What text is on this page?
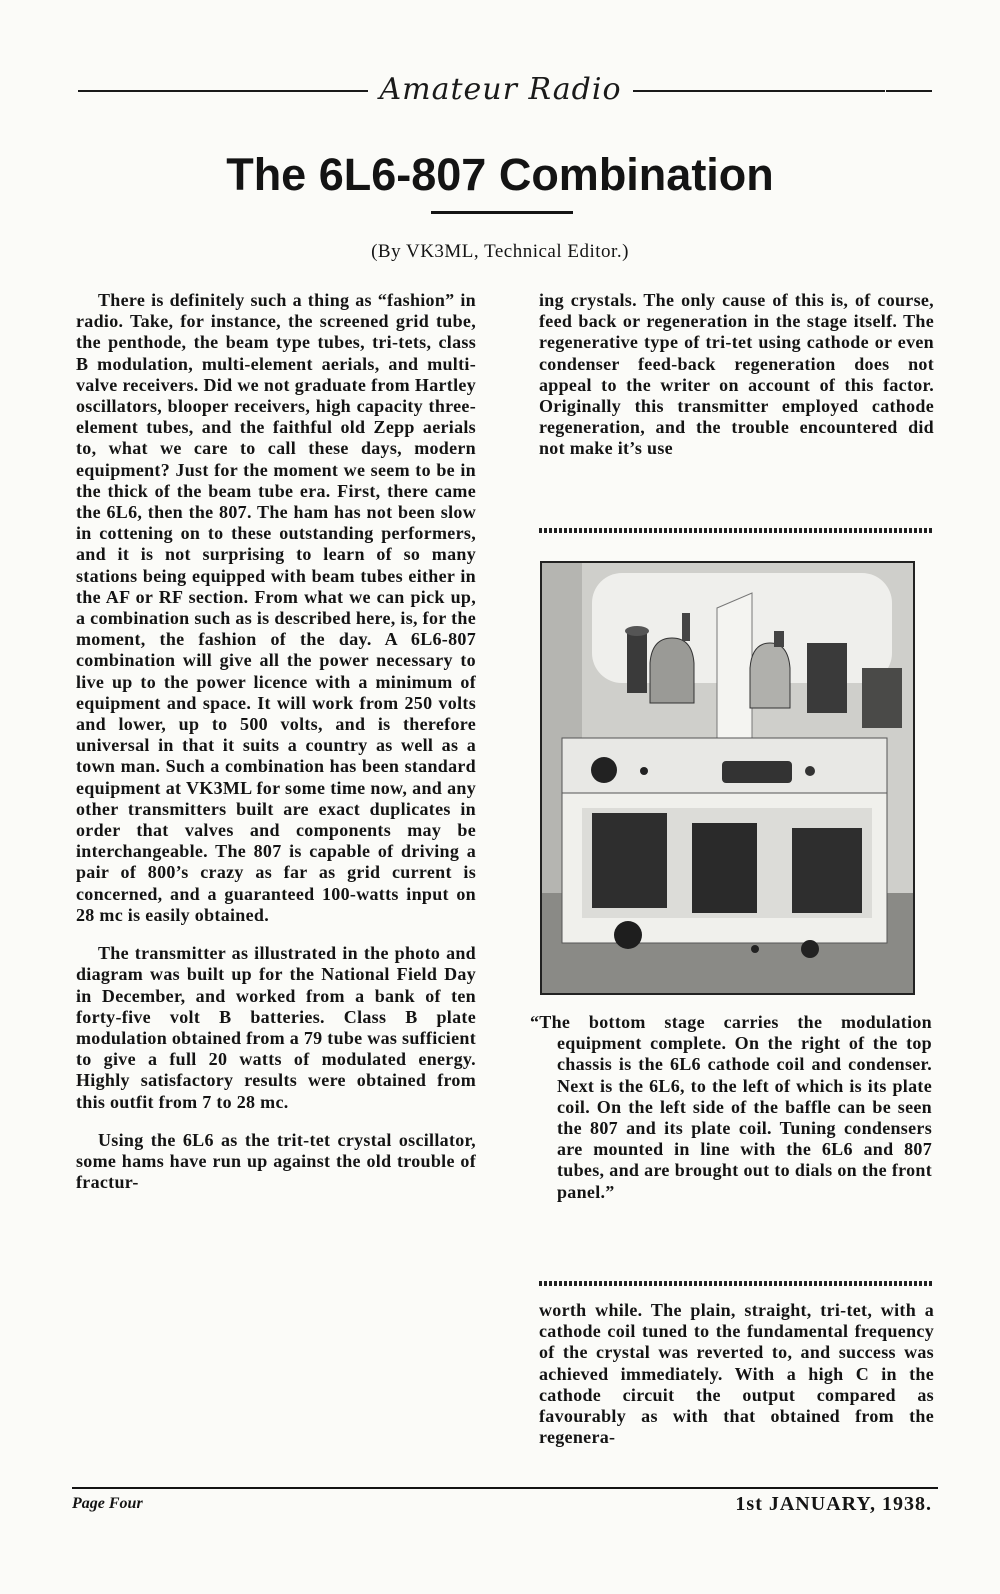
Amateur Radio
The 6L6-807 Combination
(By VK3ML, Technical Editor.)

There is definitely such a thing as “fashion” in radio. Take, for instance, the screened grid tube, the penthode, the beam type tubes, tri-tets, class B modulation, multi-element aerials, and multi-valve receivers. Did we not graduate from Hartley oscillators, blooper receivers, high capacity three-element tubes, and the faithful old Zepp aerials to, what we care to call these days, modern equipment? Just for the moment we seem to be in the thick of the beam tube era. First, there came the 6L6, then the 807. The ham has not been slow in cottening on to these outstanding performers, and it is not surprising to learn of so many stations being equipped with beam tubes either in the AF or RF section. From what we can pick up, a combination such as is described here, is, for the moment, the fashion of the day. A 6L6-807 combination will give all the power necessary to live up to the power licence with a minimum of equipment and space. It will work from 250 volts and lower, up to 500 volts, and is therefore universal in that it suits a country as well as a town man. Such a combination has been standard equipment at VK3ML for some time now, and any other transmitters built are exact duplicates in order that valves and components may be interchangeable. The 807 is capable of driving a pair of 800’s crazy as far as grid current is concerned, and a guaranteed 100-watts input on 28 mc is easily obtained.

The transmitter as illustrated in the photo and diagram was built up for the National Field Day in December, and worked from a bank of ten forty-five volt B batteries. Class B plate modulation obtained from a 79 tube was sufficient to give a full 20 watts of modulated energy. Highly satisfactory results were obtained from this outfit from 7 to 28 mc.

Using the 6L6 as the trit-tet crystal oscillator, some hams have run up against the old trouble of fractur-

ing crystals. The only cause of this is, of course, feed back or regeneration in the stage itself. The regenerative type of tri-tet using cathode or even condenser feed-back regeneration does not appeal to the writer on account of this factor. Originally this transmitter employed cathode regeneration, and the trouble encountered did not make it’s use

“The bottom stage carries the modulation equipment complete. On the right of the top chassis is the 6L6 cathode coil and condenser. Next is the 6L6, to the left of which is its plate coil. On the left side of the baffle can be seen the 807 and its plate coil. Tuning condensers are mounted in line with the 6L6 and 807 tubes, and are brought out to dials on the front panel.”

worth while. The plain, straight, tri-tet, with a cathode coil tuned to the fundamental frequency of the crystal was reverted to, and success was achieved immediately. With a high C in the cathode circuit the output compared as favourably as with that obtained from the regenera-

Page Four	1st JANUARY, 1938.
